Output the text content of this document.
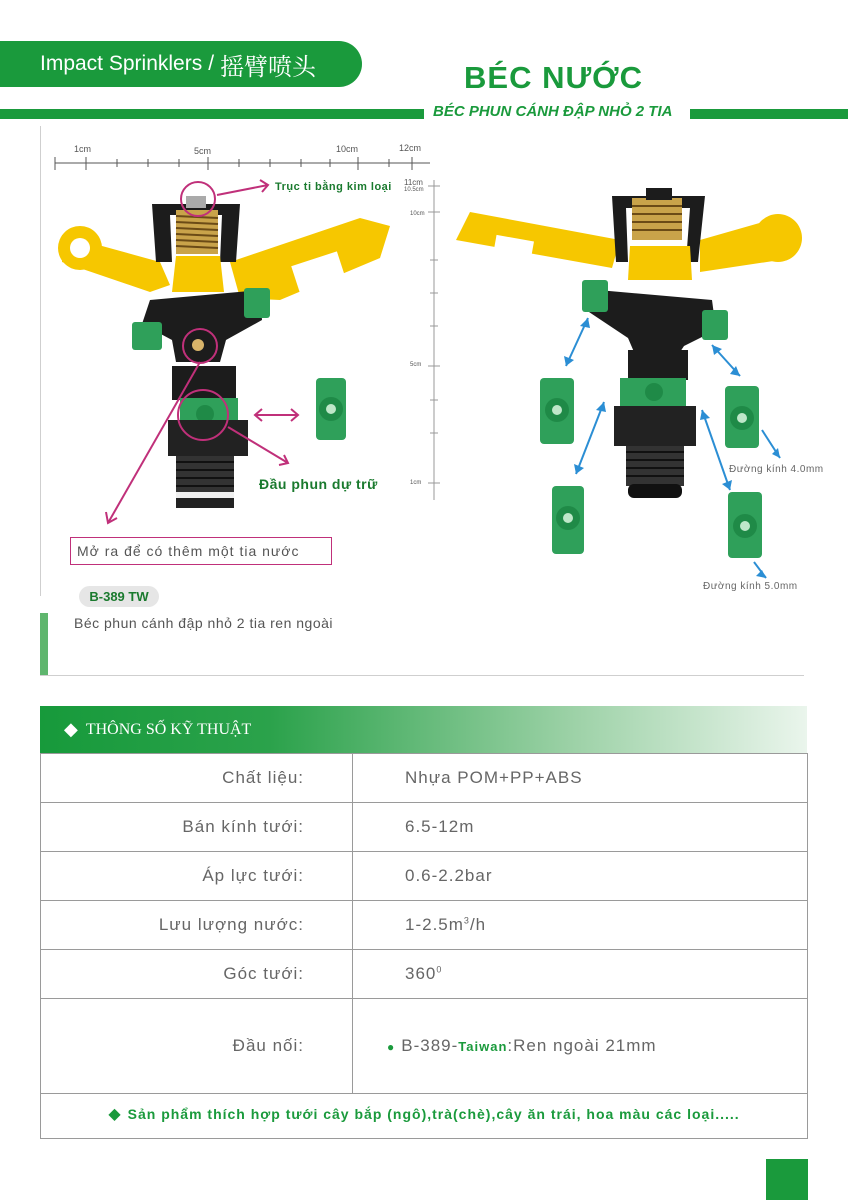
Impact Sprinklers / 摇臂喷头	BÉC NƯỚC
BÉC PHUN CÁNH ĐẬP NHỎ 2 TIA
1cm	5cm	10cm	12cm
11cm
10.5cm
10cm
5cm
1cm
Trục ti bằng kim loại
Đầu phun dự trữ
Mở ra để có thêm một tia nước
Đường kính 4.0mm
Đường kính 5.0mm
B-389 TW
Béc phun cánh đập nhỏ 2 tia ren ngoài
◆ THÔNG SỐ KỸ THUẬT
Chất liệu:	Nhựa POM+PP+ABS
Bán kính tưới:	6.5-12m
Áp lực tưới:	0.6-2.2bar
Lưu lượng nước:	$1-2.5m^3/h$
Góc tưới:	$360^0$
Đầu nối:	● B-389-Taiwan:Ren ngoài 21mm
◆ Sản phẩm thích hợp tưới cây bắp (ngô),trà(chè),cây ăn trái, hoa màu các loại.....
